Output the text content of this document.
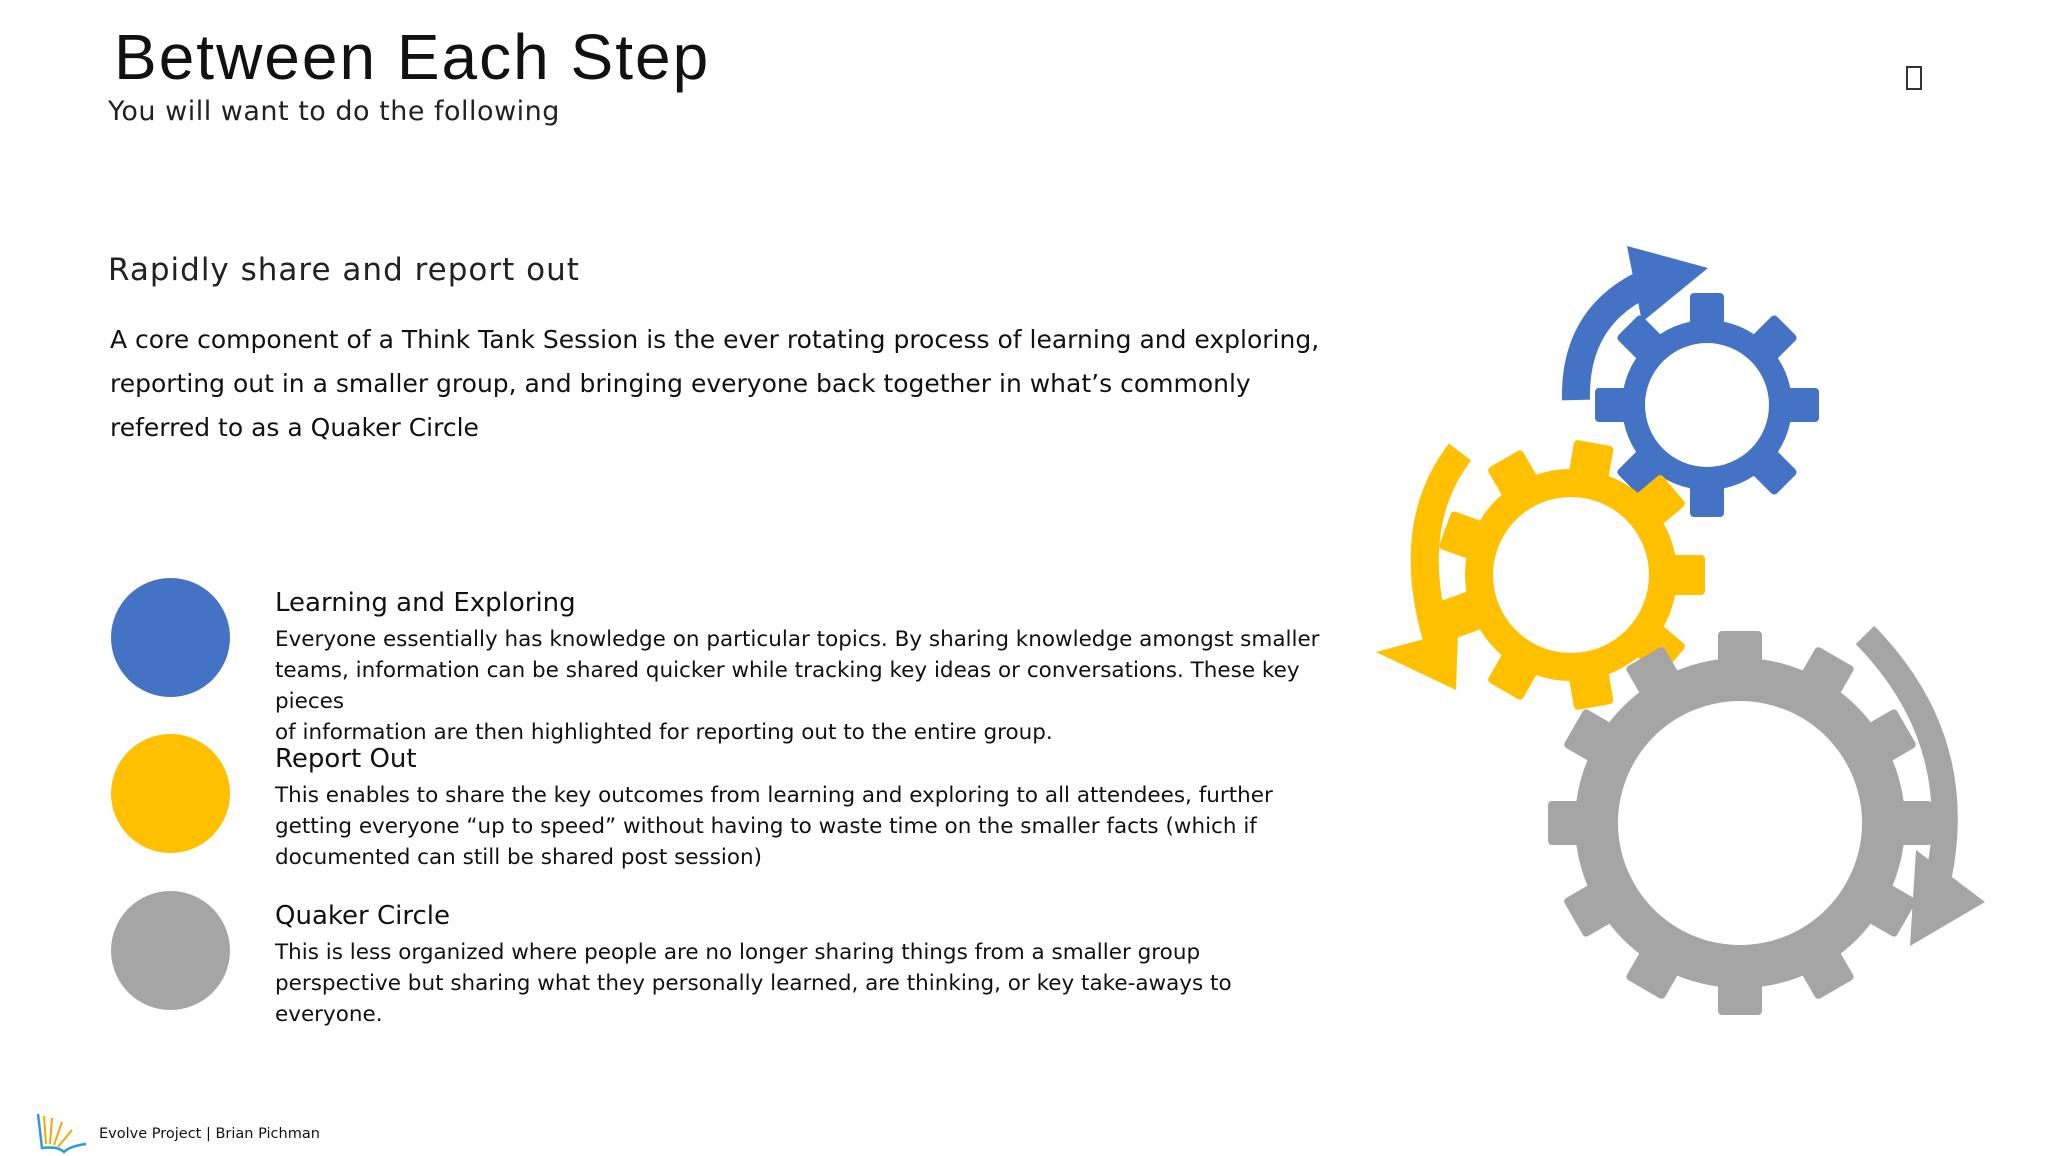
Between Each Step
You will want to do the following
Rapidly share and report out
A core component of a Think Tank Session is the ever rotating process of learning and exploring,
reporting out in a smaller group, and bringing everyone back together in what’s commonly
referred to as a Quaker Circle
Learning and Exploring
Everyone essentially has knowledge on particular topics. By sharing knowledge amongst smaller
teams, information can be shared quicker while tracking key ideas or conversations. These key pieces
of information are then highlighted for reporting out to the entire group.
Report Out
This enables to share the key outcomes from learning and exploring to all attendees, further
getting everyone “up to speed” without having to waste time on the smaller facts (which if
documented can still be shared post session)
Quaker Circle
This is less organized where people are no longer sharing things from a smaller group
perspective but sharing what they personally learned, are thinking, or key take-aways to
everyone.
Evolve Project | Brian Pichman
